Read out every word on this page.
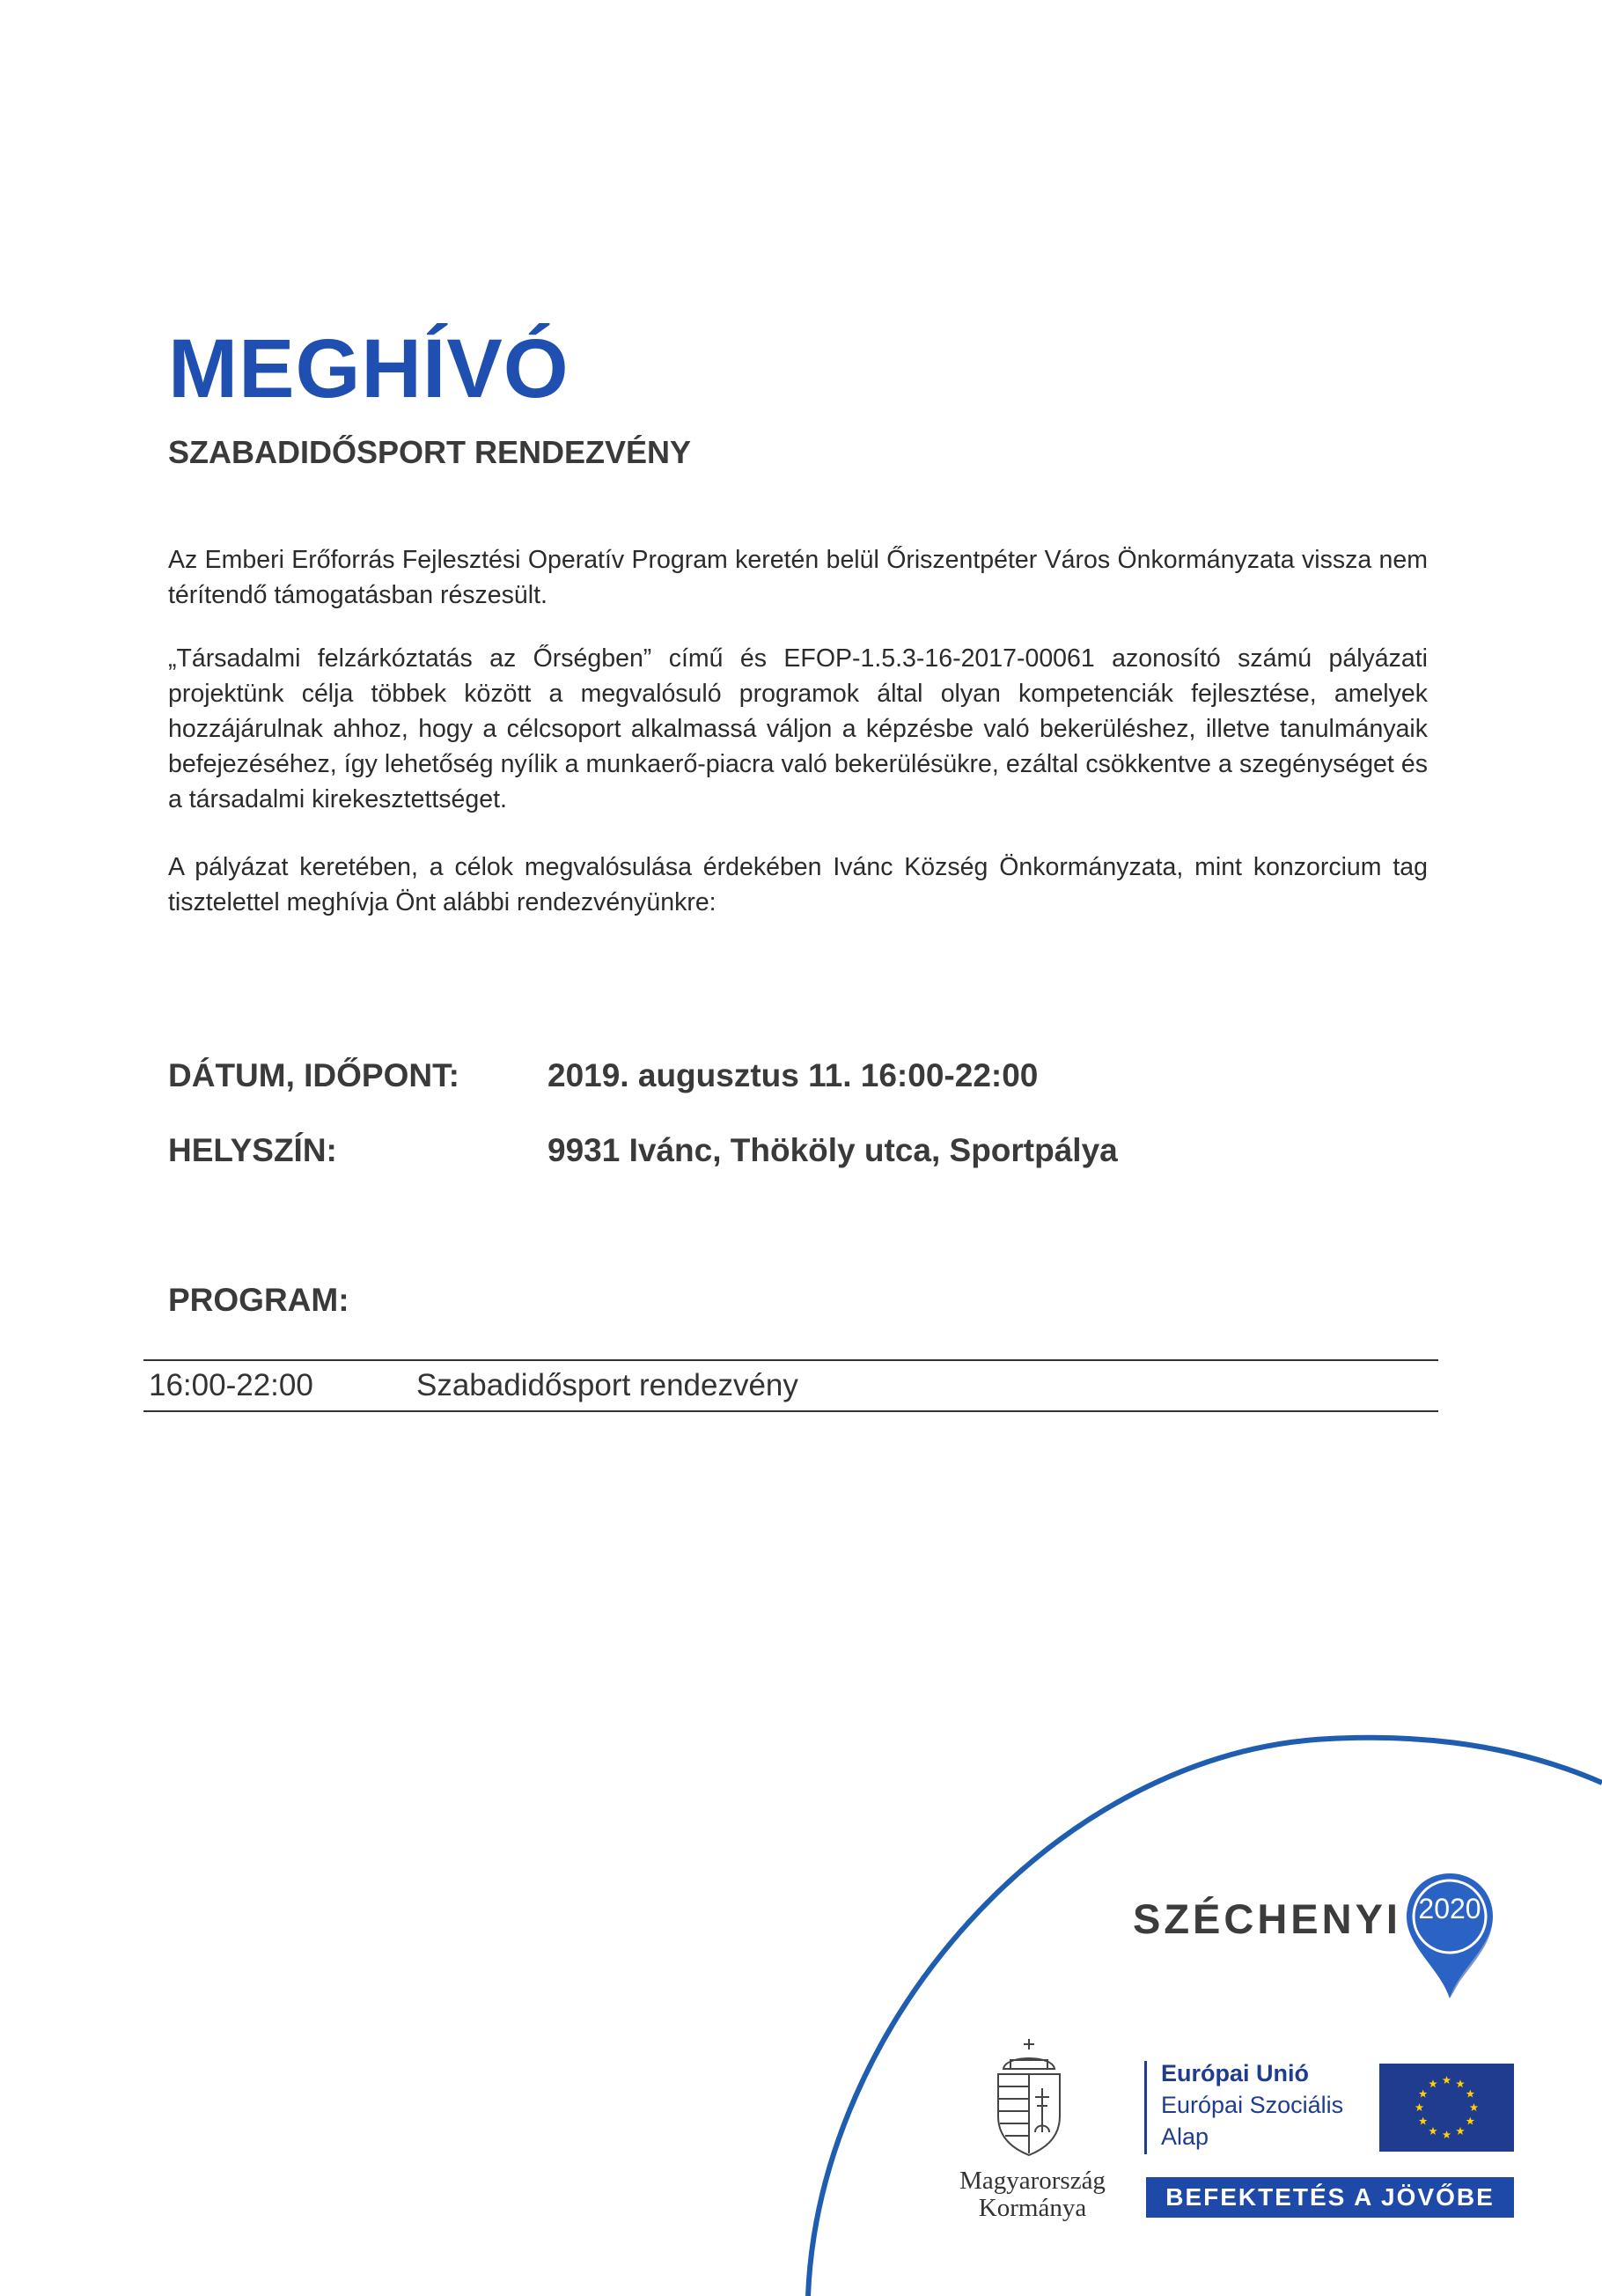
MEGHÍVÓ
SZABADIDŐSPORT RENDEZVÉNY

Az Emberi Erőforrás Fejlesztési Operatív Program keretén belül Őriszentpéter Város Önkormányzata vissza nem térítendő támogatásban részesült.

„Társadalmi felzárkóztatás az Őrségben” című és EFOP-1.5.3-16-2017-00061 azonosító számú pályázati projektünk célja többek között a megvalósuló programok által olyan kompetenciák fejlesztése, amelyek hozzájárulnak ahhoz, hogy a célcsoport alkalmassá váljon a képzésbe való bekerüléshez, illetve tanulmányaik befejezéséhez, így lehetőség nyílik a munkaerő-piacra való bekerülésükre, ezáltal csökkentve a szegénységet és a társadalmi kirekesztettséget.

A pályázat keretében, a célok megvalósulása érdekében Ivánc Község Önkormányzata, mint konzorcium tag tisztelettel meghívja Önt alábbi rendezvényünkre:

DÁTUM, IDŐPONT:	2019. augusztus 11. 16:00-22:00
HELYSZÍN:	9931 Ivánc, Thököly utca, Sportpálya
PROGRAM:
16:00-22:00	Szabadidősport rendezvény
SZÉCHENYI 2020
Magyarország
Kormánya
Európai Unió
Európai Szociális
Alap
BEFEKTETÉS A JÖVŐBE
